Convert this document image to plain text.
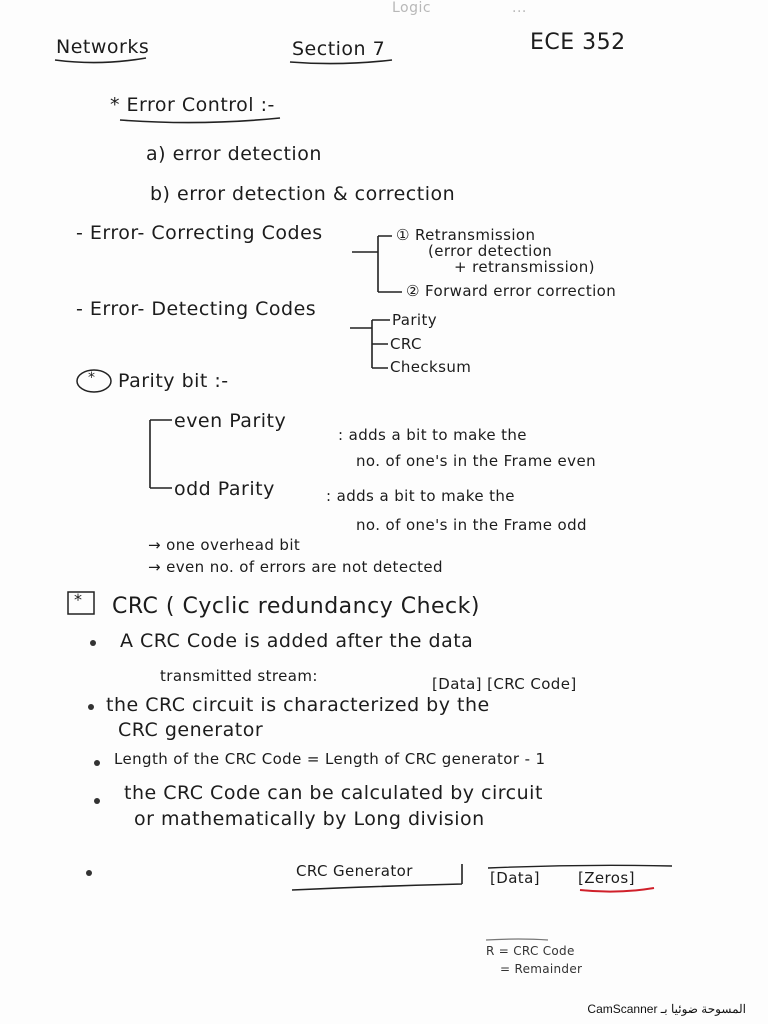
Logic	...
Networks	Section 7	ECE 352
* Error Control :-
a) error detection
b) error detection & correction
- Error- Correcting Codes	① Retransmission
(error detection
+ retransmission)
② Forward error correction
- Error- Detecting Codes	Parity
CRC
Checksum
* Parity bit :-
even Parity
: adds a bit to make the
no. of one's in the Frame even
odd Parity	: adds a bit to make the
no. of one's in the Frame odd
→ one overhead bit
→ even no. of errors are not detected
* CRC ( Cyclic redundancy Check)
A CRC Code is added after the data
transmitted stream:	[Data] [CRC Code]
the CRC circuit is characterized by the
CRC generator
Length of the CRC Code = Length of CRC generator - 1
the CRC Code can be calculated by circuit
or mathematically by Long division
CRC Generator	[Data]	[Zeros]
R = CRC Code
= Remainder
CamScanner المسوحة ضوئيا بـ
